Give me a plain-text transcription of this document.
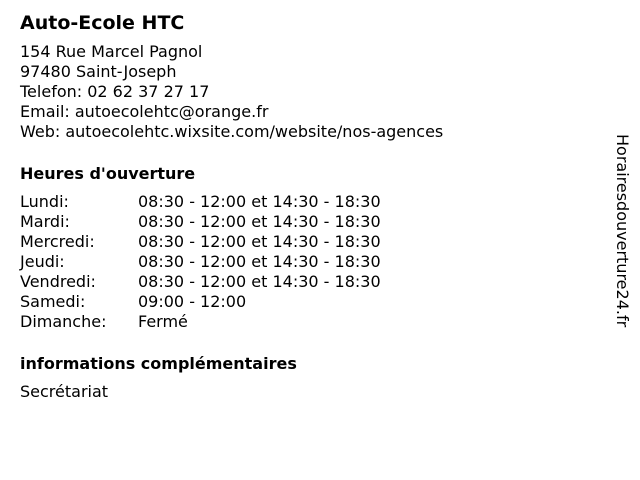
Auto-Ecole HTC
154 Rue Marcel Pagnol
97480 Saint-Joseph
Telefon: 02 62 37 27 17
Email: autoecolehtc@orange.fr
Web: autoecolehtc.wixsite.com/website/nos-agences
Heures d'ouverture
Lundi:	08:30 - 12:00 et 14:30 - 18:30
Mardi:	08:30 - 12:00 et 14:30 - 18:30
Mercredi:	08:30 - 12:00 et 14:30 - 18:30
Jeudi:	08:30 - 12:00 et 14:30 - 18:30
Vendredi:	08:30 - 12:00 et 14:30 - 18:30
Samedi:	09:00 - 12:00
Dimanche:	Fermé
informations complémentaires
Secrétariat
Horairesdouverture24.fr
